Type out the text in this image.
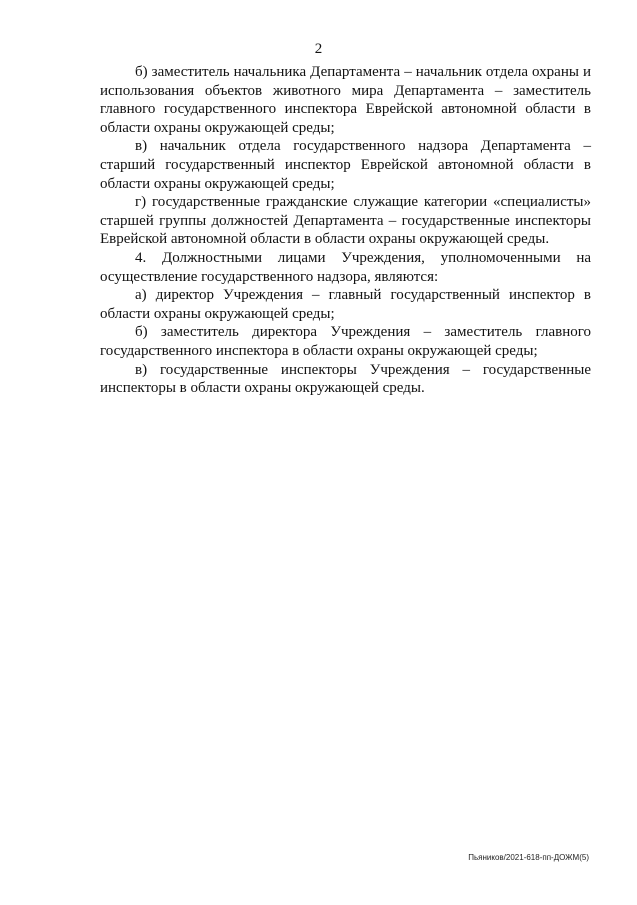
2

б) заместитель начальника Департамента – начальник отдела охраны и использования объектов животного мира Департамента – заместитель главного государственного инспектора Еврейской автономной области в области охраны окружающей среды;

в) начальник отдела государственного надзора Департамента – старший государственный инспектор Еврейской автономной области в области охраны окружающей среды;

г) государственные гражданские служащие категории «специалисты» старшей группы должностей Департамента – государственные инспекторы Еврейской автономной области в области охраны окружающей среды.

4. Должностными лицами Учреждения, уполномоченными на осуществление государственного надзора, являются:

а) директор Учреждения – главный государственный инспектор в области охраны окружающей среды;

б) заместитель директора Учреждения – заместитель главного государственного инспектора в области охраны окружающей среды;

в) государственные инспекторы Учреждения – государственные инспекторы в области охраны окружающей среды.

Пьяников/2021-618-пп-ДОЖМ(5)
